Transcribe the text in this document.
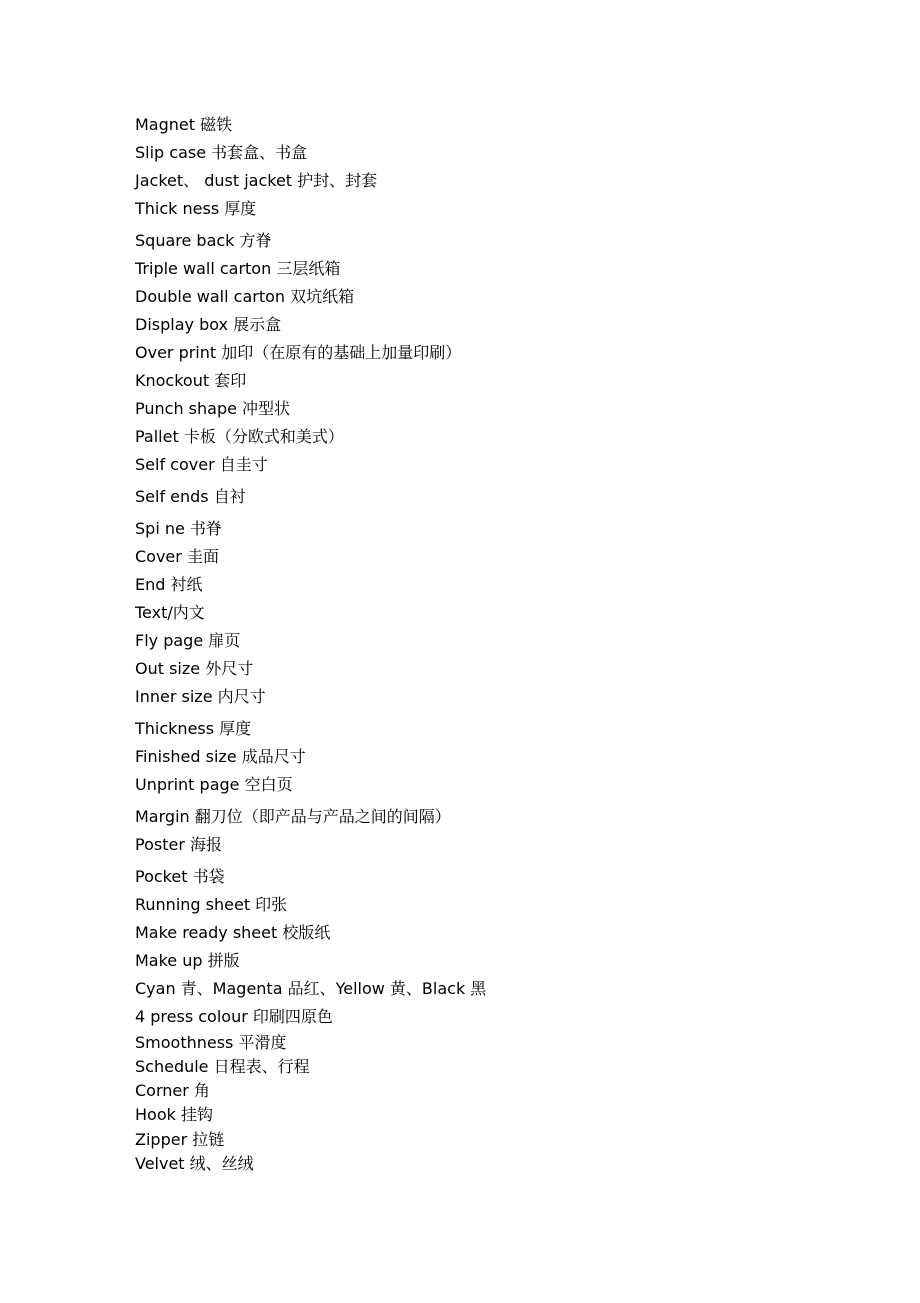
Magnet 磁铁
Slip case 书套盒、书盒
Jacket、 dust jacket 护封、封套
Thick ness 厚度
Square back 方脊
Triple wall carton 三层纸箱
Double wall carton 双坑纸箱
Display box 展示盒
Over print 加印（在原有的基础上加量印刷）
Knockout 套印
Punch shape 冲型状
Pallet 卡板（分欧式和美式）
Self cover 自圭寸
Self ends 自衬
Spi ne 书脊
Cover 圭面
End 衬纸
Text/内文
Fly page 扉页
Out size 外尺寸
Inner size 内尺寸
Thickness 厚度
Finished size 成品尺寸
Unprint page 空白页
Margin 翻刀位（即产品与产品之间的间隔）
Poster 海报
Pocket 书袋
Running sheet 印张
Make ready sheet 校版纸
Make up 拼版
Cyan 青、Magenta 品红、Yellow 黄、Black 黑
4 press colour 印刷四原色
Smoothness 平滑度
Schedule 日程表、行程
Corner 角
Hook 挂钩
Zipper 拉链
Velvet 绒、丝绒
